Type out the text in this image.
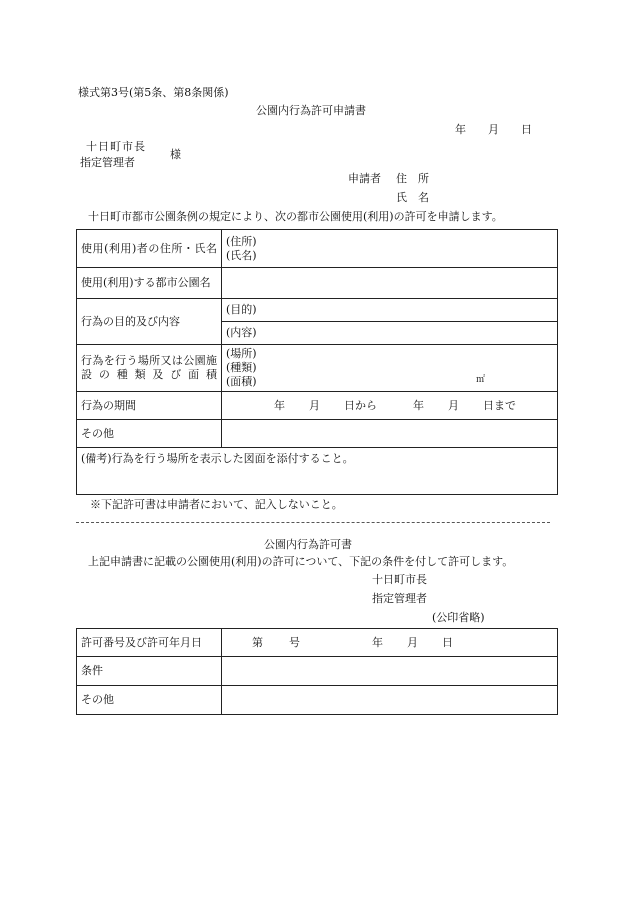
様式第3号(第5条、第8条関係)
公園内行為許可申請書
年 月 日
十日町市長
指定管理者
様
申請者 住　所
氏　名
十日町市都市公園条例の規定により、次の都市公園使用(利用)の許可を申請します。
使用(利用)者の住所・氏名	(住所)
(氏名)

使用(利用)する都市公園名	
行為の目的及び内容	(目的)
(内容)

行為を行う場所又は公園施設の種類及び面積	(場所)
(種類)
(面積) ㎡

行為の期間	年 月 日から 年 月 日まで
その他	
(備考)行為を行う場所を表示した図面を添付すること。	
※下記許可書は申請者において、記入しないこと。
公園内行為許可書
上記申請書に記載の公園使用(利用)の許可について、下記の条件を付して許可します。
十日町市長
指定管理者
(公印省略)
許可番号及び許可年月日	第 号 年 月 日
条件	
その他	
